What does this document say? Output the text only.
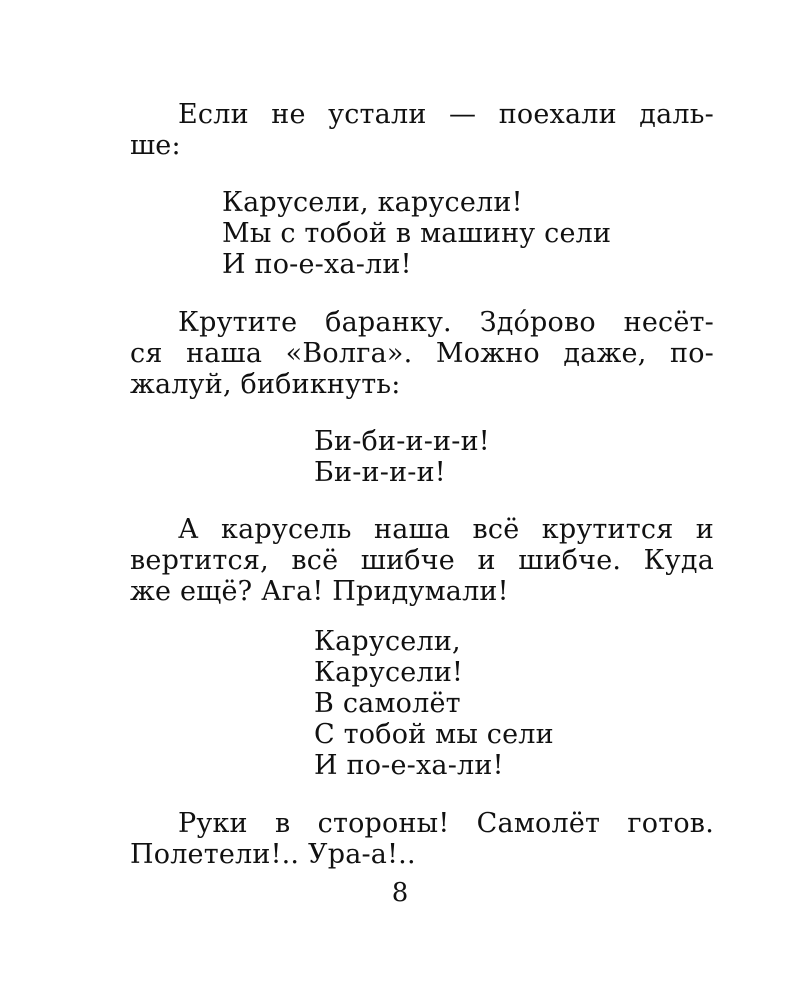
Если не устали — поехали даль-
ше:
Карусели, карусели!
Мы с тобой в машину сели
И по-е-ха-ли!
Крутите баранку. Здóрово несёт-
ся наша «Волга». Можно даже, по-
жалуй, бибикнуть:
Би-би-и-и-и!
Би-и-и-и!
А карусель наша всё крутится и
вертится, всё шибче и шибче. Куда
же ещё? Ага! Придумали!
Карусели,
Карусели!
В самолёт
С тобой мы сели
И по-е-ха-ли!
Руки в стороны! Самолёт готов.
Полетели!.. Ура-а!..
8
